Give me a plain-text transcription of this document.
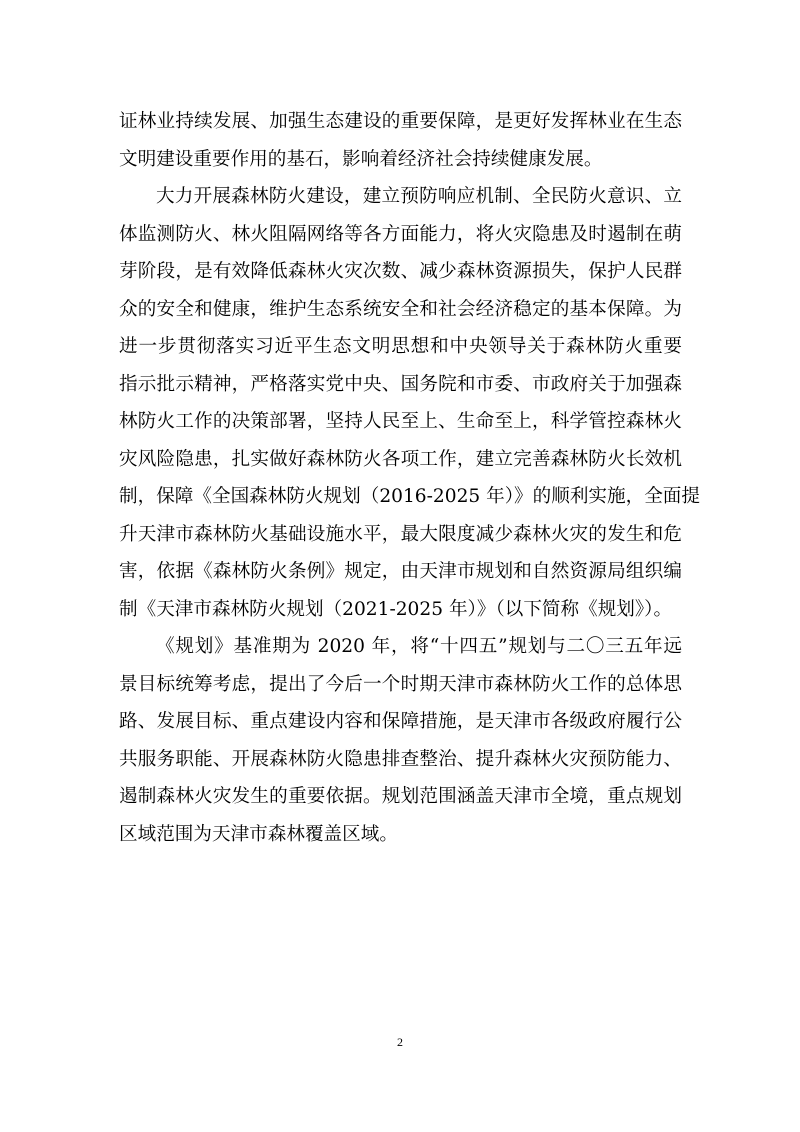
证林业持续发展、加强生态建设的重要保障，是更好发挥林业在生态
文明建设重要作用的基石，影响着经济社会持续健康发展。
大力开展森林防火建设，建立预防响应机制、全民防火意识、立
体监测防火、林火阻隔网络等各方面能力，将火灾隐患及时遏制在萌
芽阶段，是有效降低森林火灾次数、减少森林资源损失，保护人民群
众的安全和健康，维护生态系统安全和社会经济稳定的基本保障。为
进一步贯彻落实习近平生态文明思想和中央领导关于森林防火重要
指示批示精神，严格落实党中央、国务院和市委、市政府关于加强森
林防火工作的决策部署，坚持人民至上、生命至上，科学管控森林火
灾风险隐患，扎实做好森林防火各项工作，建立完善森林防火长效机
制，保障《全国森林防火规划（2016-2025 年）》的顺利实施，全面提
升天津市森林防火基础设施水平，最大限度减少森林火灾的发生和危
害，依据《森林防火条例》规定，由天津市规划和自然资源局组织编
制《天津市森林防火规划（2021-2025 年）》（以下简称《规划》）。
《规划》基准期为 2020 年，将“十四五”规划与二〇三五年远
景目标统筹考虑，提出了今后一个时期天津市森林防火工作的总体思
路、发展目标、重点建设内容和保障措施，是天津市各级政府履行公
共服务职能、开展森林防火隐患排查整治、提升森林火灾预防能力、
遏制森林火灾发生的重要依据。规划范围涵盖天津市全境，重点规划
区域范围为天津市森林覆盖区域。
2
